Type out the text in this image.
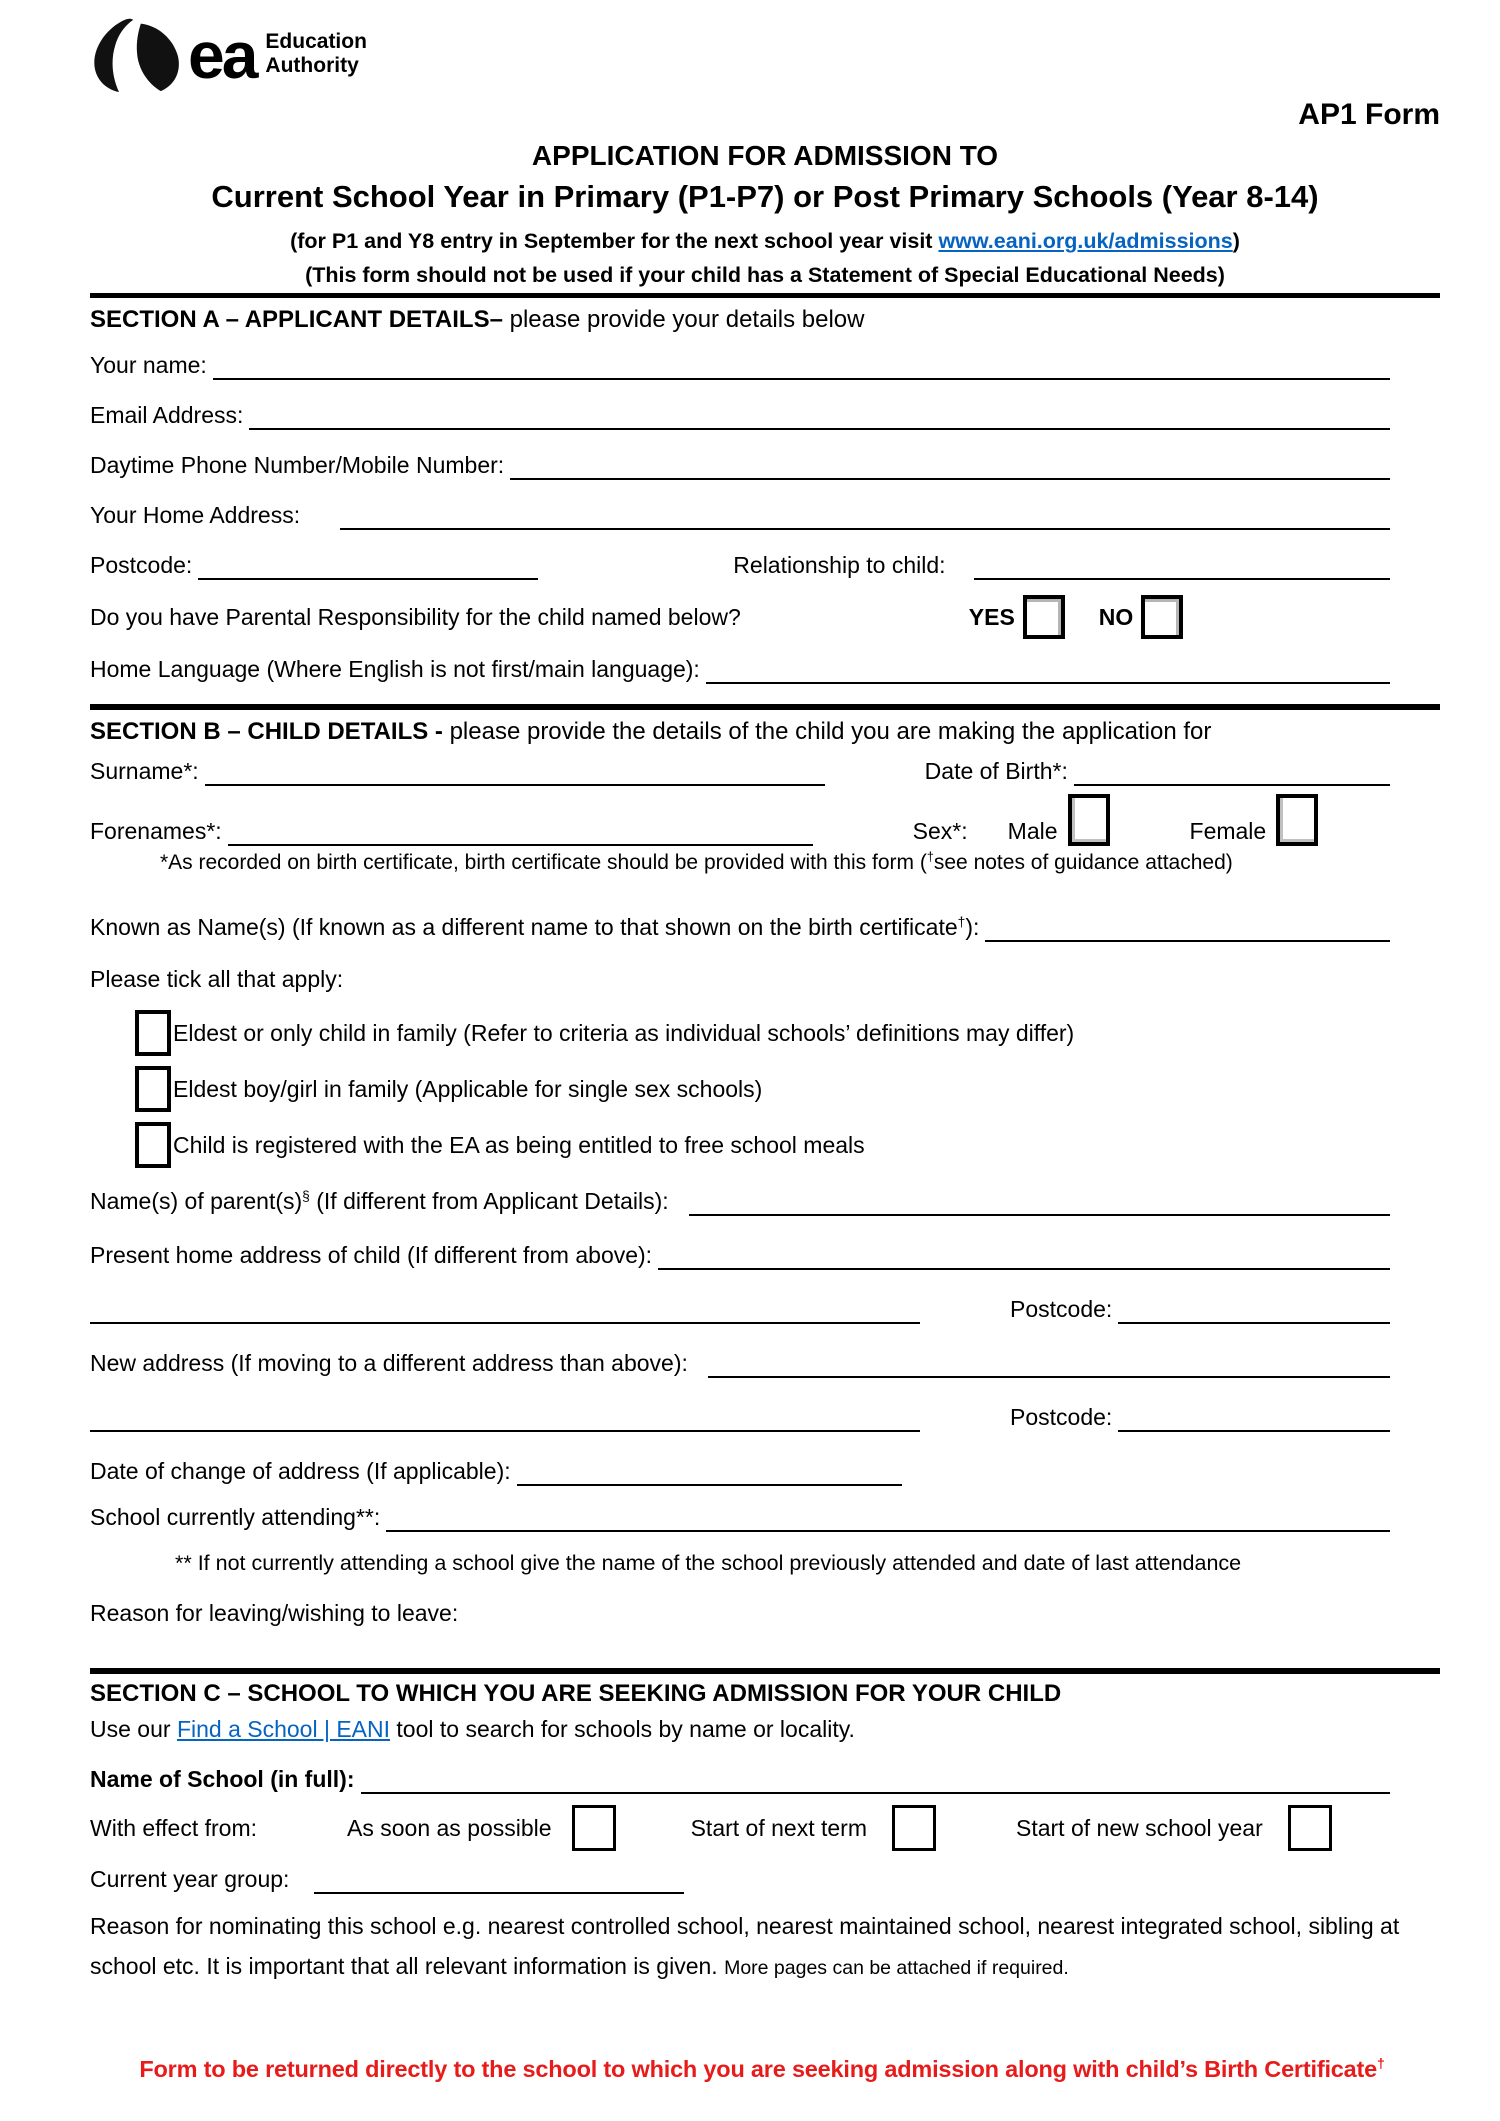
ea Education
Authority
AP1 Form
APPLICATION FOR ADMISSION TO
Current School Year in Primary (P1-P7) or Post Primary Schools (Year 8-14)
(for P1 and Y8 entry in September for the next school year visit www.eani.org.uk/admissions)
(This form should not be used if your child has a Statement of Special Educational Needs)
SECTION A – APPLICANT DETAILS– please provide your details below
Your name:
Email Address:
Daytime Phone Number/Mobile Number:
Your Home Address:
Postcode:	Relationship to child:
Do you have Parental Responsibility for the child named below?	YES	NO
Home Language (Where English is not first/main language):
SECTION B – CHILD DETAILS - please provide the details of the child you are making the application for
Surname*:	Date of Birth*:
Forenames*:	Sex*: Male	Female
*As recorded on birth certificate, birth certificate should be provided with this form (†see notes of guidance attached)
Known as Name(s) (If known as a different name to that shown on the birth certificate†):
Please tick all that apply:
Eldest or only child in family (Refer to criteria as individual schools’ definitions may differ)
Eldest boy/girl in family (Applicable for single sex schools)
Child is registered with the EA as being entitled to free school meals
Name(s) of parent(s)§ (If different from Applicant Details):
Present home address of child (If different from above):
Postcode:
New address (If moving to a different address than above):
Postcode:
Date of change of address (If applicable):
School currently attending**:
** If not currently attending a school give the name of the school previously attended and date of last attendance
Reason for leaving/wishing to leave:
SECTION C – SCHOOL TO WHICH YOU ARE SEEKING ADMISSION FOR YOUR CHILD
Use our Find a School | EANI tool to search for schools by name or locality.
Name of School (in full):
With effect from:	As soon as possible	Start of next term	Start of new school year
Current year group:
Reason for nominating this school e.g. nearest controlled school, nearest maintained school, nearest integrated school, sibling at school etc. It is important that all relevant information is given. More pages can be attached if required.
Form to be returned directly to the school to which you are seeking admission along with child’s Birth Certificate†
